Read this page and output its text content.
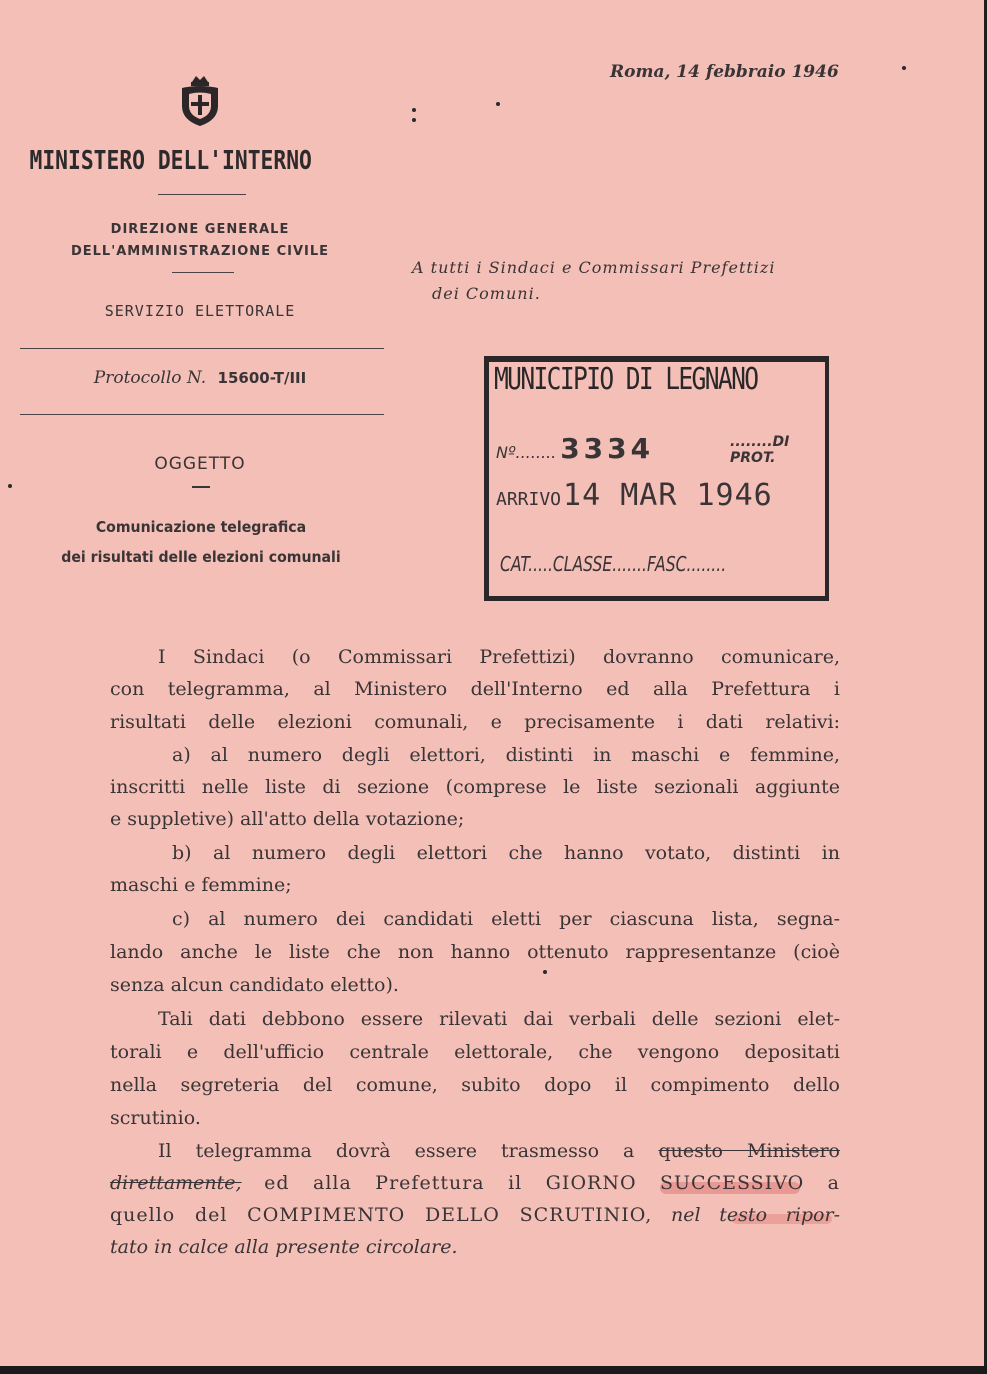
MINISTERO DELL'INTERNO
DIREZIONE GENERALE
DELL'AMMINISTRAZIONE CIVILE
SERVIZIO ELETTORALE
Protocollo N. 15600-T/III
OGGETTO
Comunicazione telegrafica
dei risultati delle elezioni comunali
Roma, 14 febbraio 1946
A tutti i Sindaci e Commissari Prefettizi
dei Comuni.
MUNICIPIO DI LEGNANO
Nº........ 3334	........DI PROT.
ARRIVO14 MAR 1946
CAT.....CLASSE.......FASC........
I Sindaci (o Commissari Prefettizi) dovranno comunicare,
con telegramma, al Ministero dell'Interno ed alla Prefettura i
risultati delle elezioni comunali, e precisamente i dati relativi:
a) al numero degli elettori, distinti in maschi e femmine,
inscritti nelle liste di sezione (comprese le liste sezionali aggiunte
e suppletive) all'atto della votazione;
b) al numero degli elettori che hanno votato, distinti in
maschi e femmine;
c) al numero dei candidati eletti per ciascuna lista, segna-
lando anche le liste che non hanno ottenuto rappresentanze (cioè
senza alcun candidato eletto).
Tali dati debbono essere rilevati dai verbali delle sezioni elet-
torali e dell'ufficio centrale elettorale, che vengono depositati
nella segreteria del comune, subito dopo il compimento dello
scrutinio.
Il telegramma dovrà essere trasmesso a questo Ministero
direttamente, ed alla Prefettura il GIORNO SUCCESSIVO a
quello del COMPIMENTO DELLO SCRUTINIO, nel testo ripor-
tato in calce alla presente circolare.
